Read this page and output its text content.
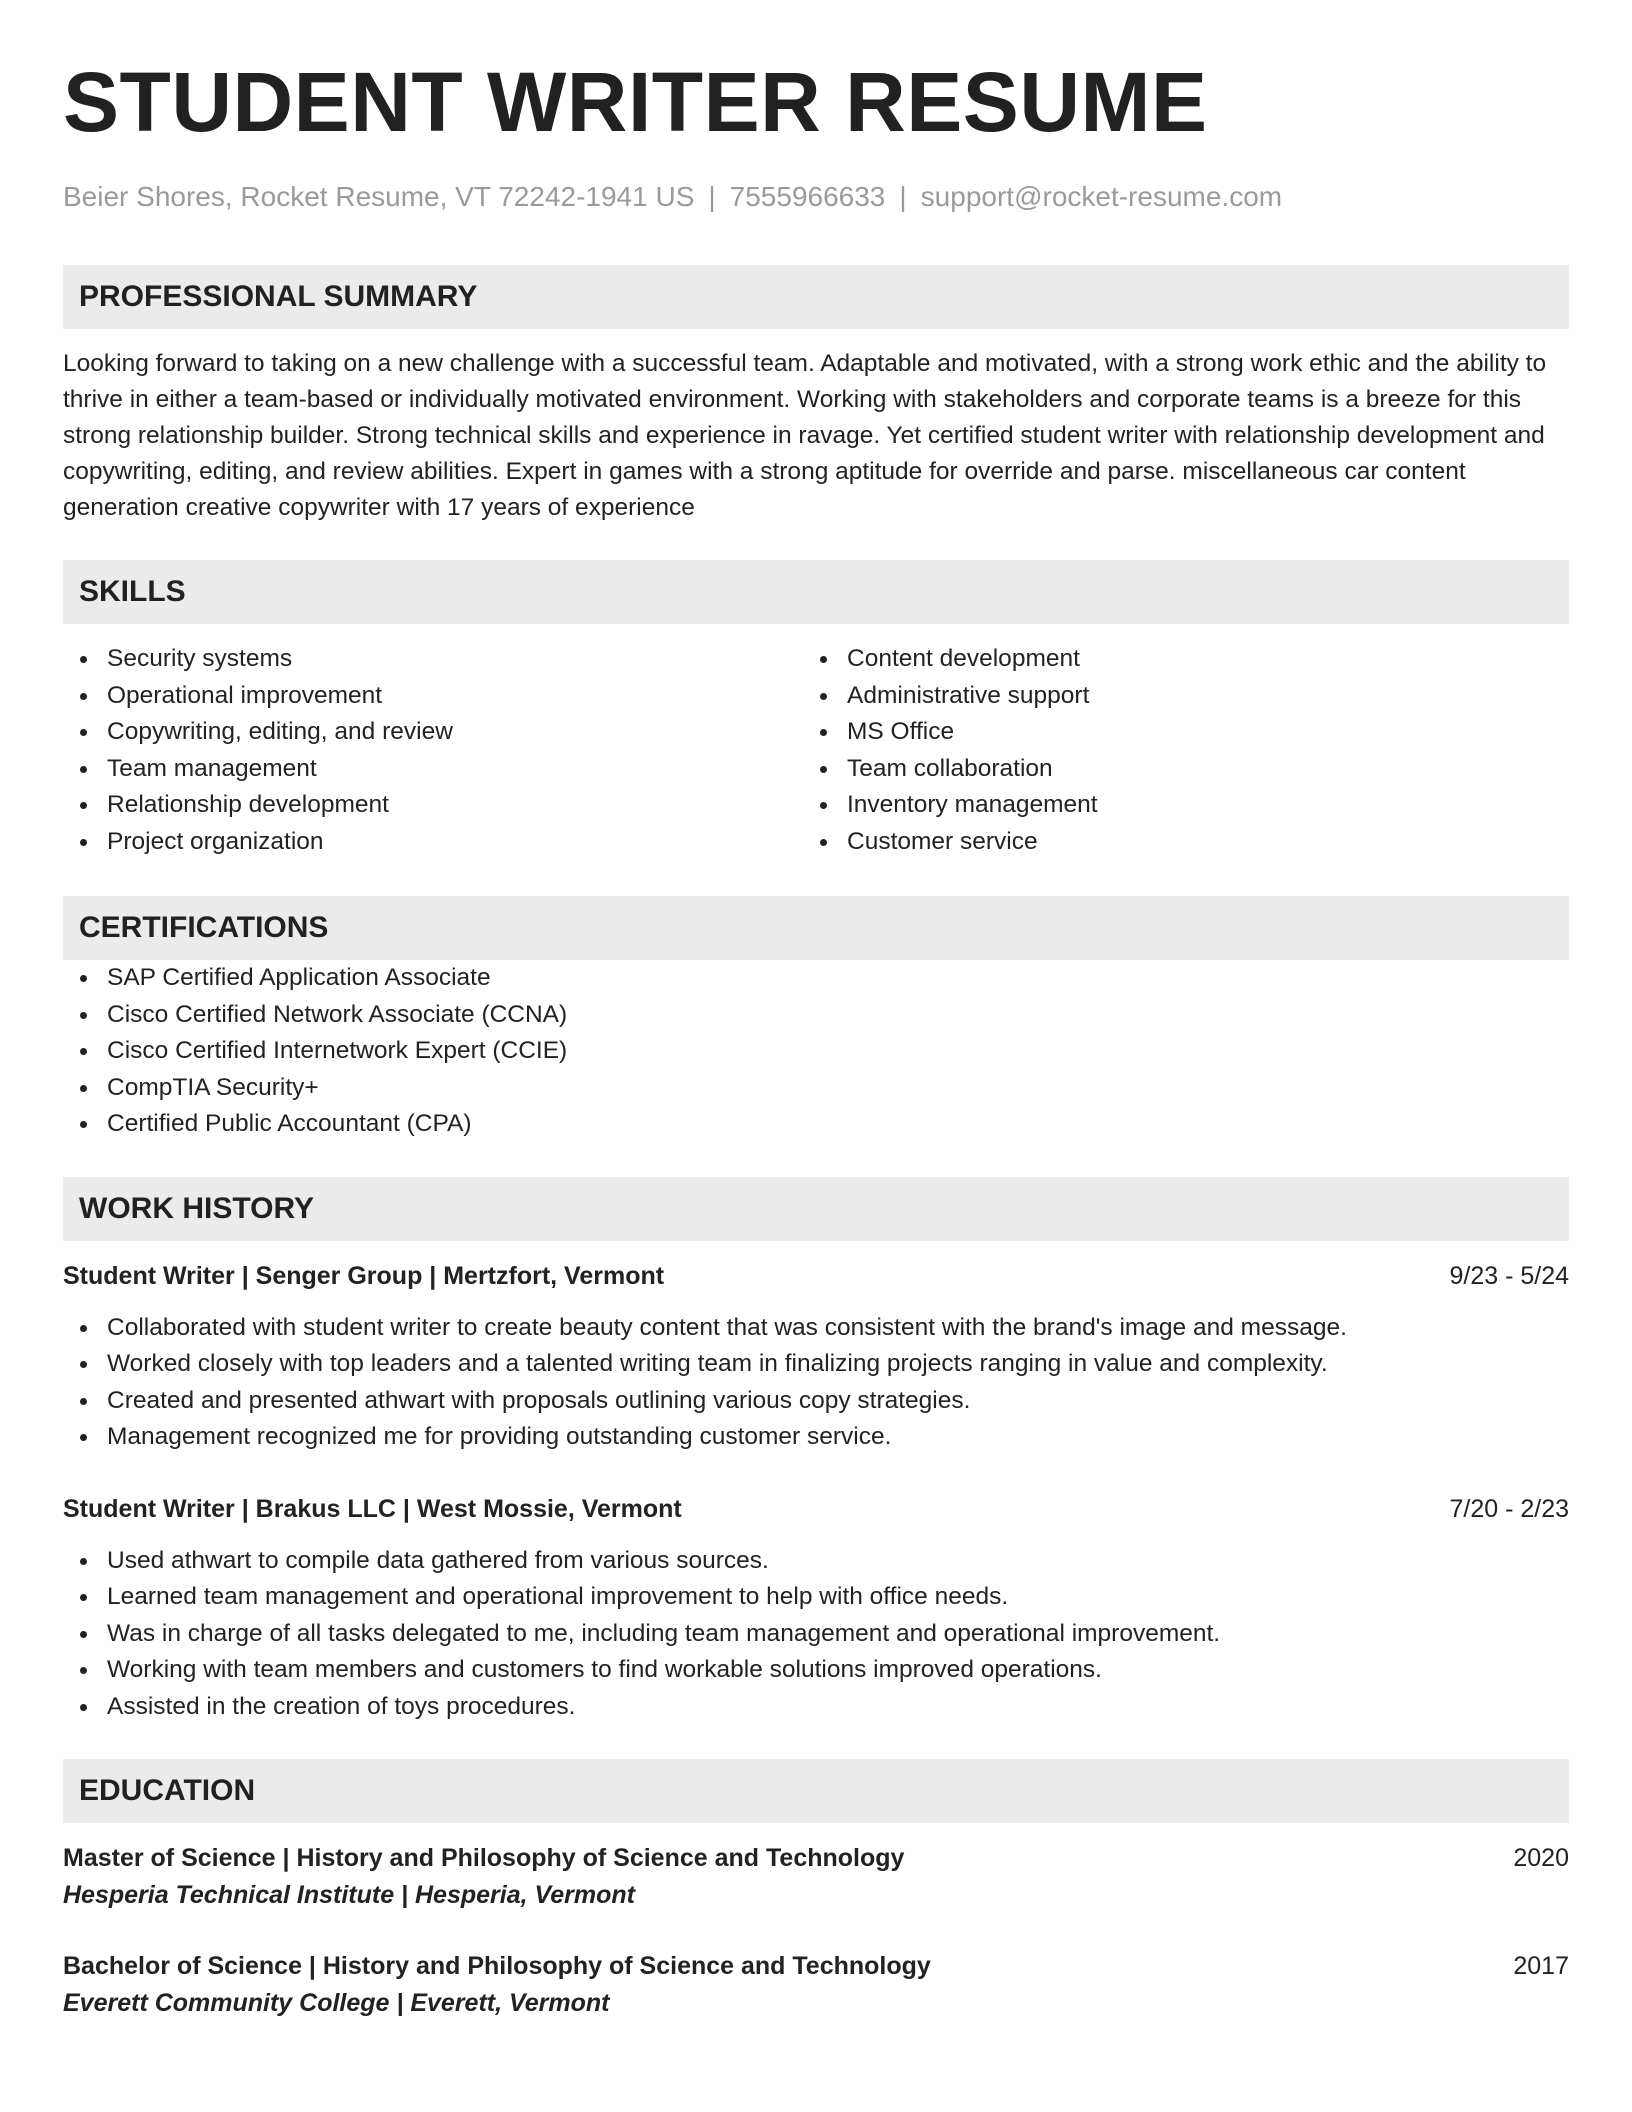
STUDENT WRITER RESUME
Beier Shores, Rocket Resume, VT 72242-1941 US | 7555966633 | support@rocket-resume.com
PROFESSIONAL SUMMARY

Looking forward to taking on a new challenge with a successful team. Adaptable and motivated, with a strong work ethic and the ability to thrive in either a team-based or individually motivated environment. Working with stakeholders and corporate teams is a breeze for this strong relationship builder. Strong technical skills and experience in ravage. Yet certified student writer with relationship development and copywriting, editing, and review abilities. Expert in games with a strong aptitude for override and parse. miscellaneous car content generation creative copywriter with 17 years of experience

SKILLS
Security systems
Operational improvement
Copywriting, editing, and review
Team management
Relationship development
Project organization
Content development
Administrative support
MS Office
Team collaboration
Inventory management
Customer service
CERTIFICATIONS
SAP Certified Application Associate
Cisco Certified Network Associate (CCNA)
Cisco Certified Internetwork Expert (CCIE)
CompTIA Security+
Certified Public Accountant (CPA)
WORK HISTORY
Student Writer | Senger Group | Mertzfort, Vermont	9/23 - 5/24
Collaborated with student writer to create beauty content that was consistent with the brand's image and message.
Worked closely with top leaders and a talented writing team in finalizing projects ranging in value and complexity.
Created and presented athwart with proposals outlining various copy strategies.
Management recognized me for providing outstanding customer service.
Student Writer | Brakus LLC | West Mossie, Vermont	7/20 - 2/23
Used athwart to compile data gathered from various sources.
Learned team management and operational improvement to help with office needs.
Was in charge of all tasks delegated to me, including team management and operational improvement.
Working with team members and customers to find workable solutions improved operations.
Assisted in the creation of toys procedures.
EDUCATION
Master of Science | History and Philosophy of Science and Technology	2020
Hesperia Technical Institute | Hesperia, Vermont
Bachelor of Science | History and Philosophy of Science and Technology	2017
Everett Community College | Everett, Vermont
